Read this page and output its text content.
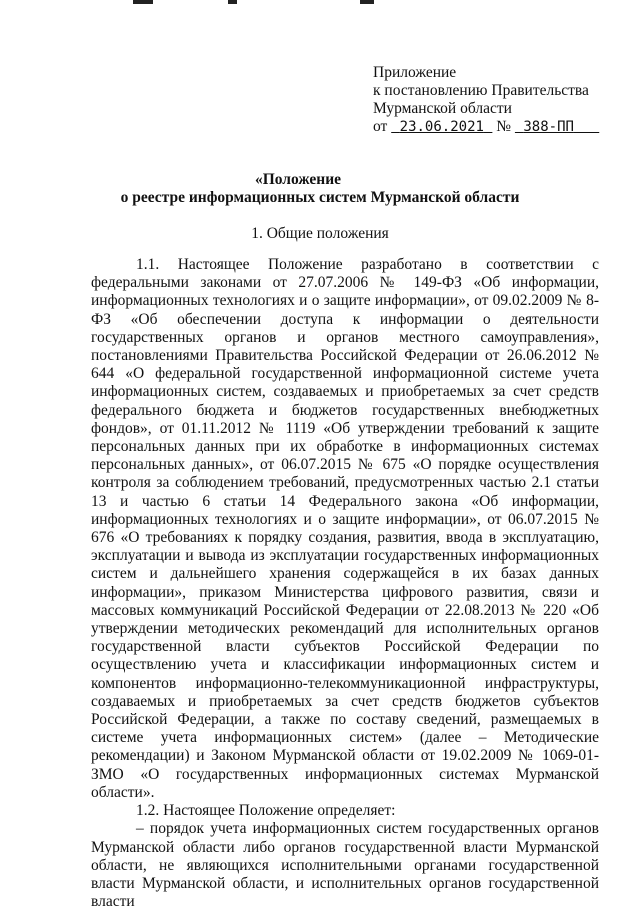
Приложение
к постановлению Правительства
Мурманской области
от 23.06.2021 № 388-ПП
«Положение
о реестре информационных систем Мурманской области
1. Общие положения

1.1. Настоящее Положение разработано в соответствии с федеральными законами от 27.07.2006 № 149-ФЗ «Об информации, информационных технологиях и о защите информации», от 09.02.2009 № 8-ФЗ «Об обеспечении доступа к информации о деятельности государственных органов и органов местного самоуправления», постановлениями Правительства Российской Федерации от 26.06.2012 № 644 «О федеральной государственной информационной системе учета информационных систем, создаваемых и приобретаемых за счет средств федерального бюджета и бюджетов государственных внебюджетных фондов», от 01.11.2012 № 1119 «Об утверждении требований к защите персональных данных при их обработке в информационных системах персональных данных», от 06.07.2015 № 675 «О порядке осуществления контроля за соблюдением требований, предусмотренных частью 2.1 статьи 13 и частью 6 статьи 14 Федерального закона «Об информации, информационных технологиях и о защите информации», от 06.07.2015 № 676 «О требованиях к порядку создания, развития, ввода в эксплуатацию, эксплуатации и вывода из эксплуатации государственных информационных систем и дальнейшего хранения содержащейся в их базах данных информации», приказом Министерства цифрового развития, связи и массовых коммуникаций Российской Федерации от 22.08.2013 № 220 «Об утверждении методических рекомендаций для исполнительных органов государственной власти субъектов Российской Федерации по осуществлению учета и классификации информационных систем и компонентов информационно-телекоммуникационной инфраструктуры, создаваемых и приобретаемых за счет средств бюджетов субъектов Российской Федерации, а также по составу сведений, размещаемых в системе учета информационных систем» (далее – Методические рекомендации) и Законом Мурманской области от 19.02.2009 № 1069-01-ЗМО «О государственных информационных системах Мурманской области».

1.2. Настоящее Положение определяет:

– порядок учета информационных систем государственных органов Мурманской области либо органов государственной власти Мурманской области, не являющихся исполнительными органами государственной власти Мурманской области, и исполнительных органов государственной власти
